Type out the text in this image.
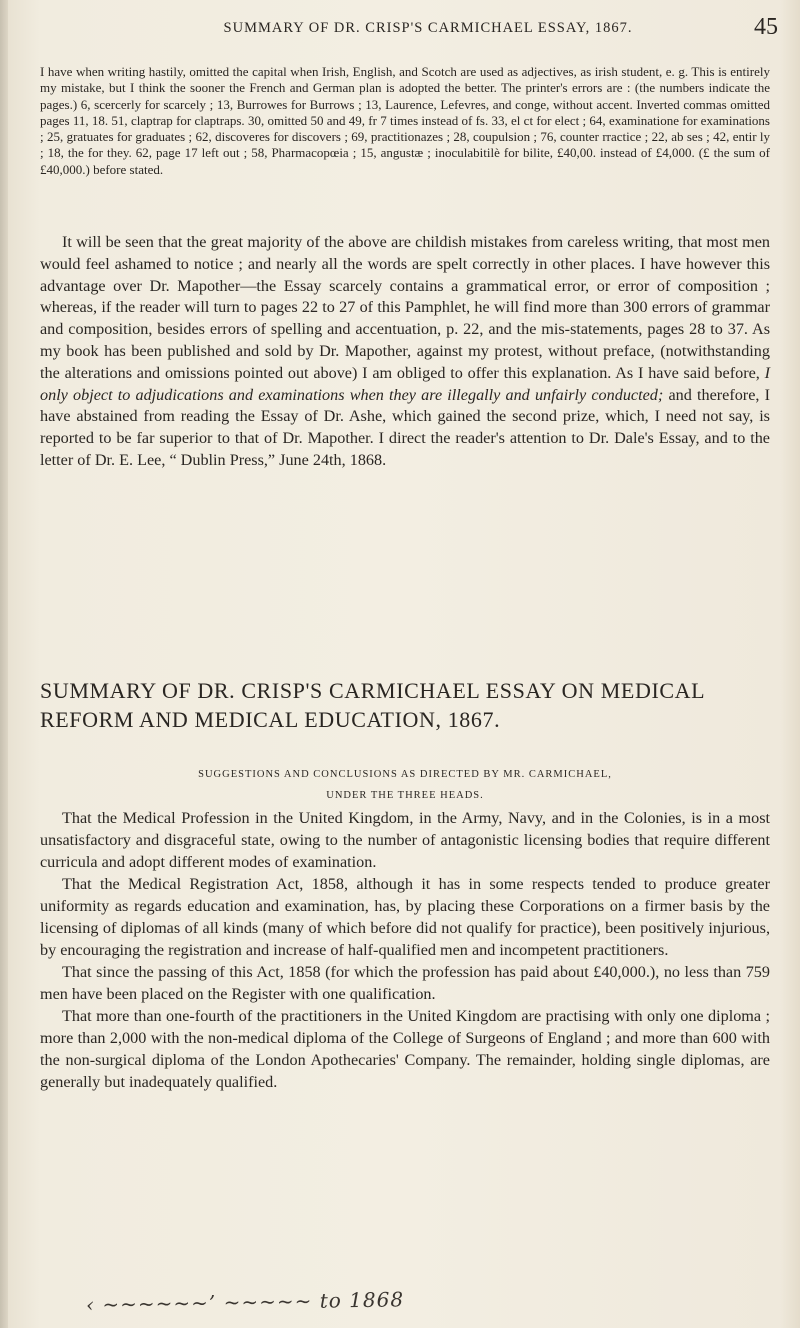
SUMMARY OF DR. CRISP'S CARMICHAEL ESSAY, 1867.	45
I have when writing hastily, omitted the capital when Irish, English, and Scotch are used as adjectives, as irish student, e. g. This is entirely my mistake, but I think the sooner the French and German plan is adopted the better. The printer's errors are : (the numbers indicate the pages.) 6, scercerly for scarcely ; 13, Burrowes for Burrows ; 13, Laurence, Lefevres, and conge, without accent. Inverted commas omitted pages 11, 18. 51, claptrap for claptraps. 30, omitted 50 and 49, fr 7 times instead of fs. 33, el ct for elect ; 64, examinatione for examinations ; 25, gratuates for graduates ; 62, discoveres for discovers ; 69, practitionazes ; 28, coupulsion ; 76, counter rractice ; 22, ab ses ; 42, entir ly ; 18, the for they. 62, page 17 left out ; 58, Pharmacopœia ; 15, angustæ ; inoculabitilè for bilite, £40,00. instead of £4,000. (£ the sum of £40,000.) before stated.
It will be seen that the great majority of the above are childish mistakes from careless writing, that most men would feel ashamed to notice ; and nearly all the words are spelt correctly in other places. I have however this advantage over Dr. Mapother—the Essay scarcely contains a grammatical error, or error of composition ; whereas, if the reader will turn to pages 22 to 27 of this Pamphlet, he will find more than 300 errors of grammar and composition, besides errors of spelling and accentuation, p. 22, and the mis-statements, pages 28 to 37. As my book has been published and sold by Dr. Mapother, against my protest, without preface, (notwithstanding the alterations and omissions pointed out above) I am obliged to offer this explanation. As I have said before, I only object to adjudications and examinations when they are illegally and unfairly conducted; and therefore, I have abstained from reading the Essay of Dr. Ashe, which gained the second prize, which, I need not say, is reported to be far superior to that of Dr. Mapother. I direct the reader's attention to Dr. Dale's Essay, and to the letter of Dr. E. Lee, “ Dublin Press,” June 24th, 1868.
SUMMARY OF DR. CRISP'S CARMICHAEL ESSAY ON MEDICAL REFORM AND MEDICAL EDUCATION, 1867.
SUGGESTIONS AND CONCLUSIONS AS DIRECTED BY MR. CARMICHAEL,
UNDER THE THREE HEADS.

That the Medical Profession in the United Kingdom, in the Army, Navy, and in the Colonies, is in a most unsatisfactory and disgraceful state, owing to the number of antagonistic licensing bodies that require different curricula and adopt different modes of examination.

That the Medical Registration Act, 1858, although it has in some respects tended to produce greater uniformity as regards education and examination, has, by placing these Corporations on a firmer basis by the licensing of diplomas of all kinds (many of which before did not qualify for practice), been positively injurious, by encouraging the registration and increase of half-qualified men and incompetent practitioners.

That since the passing of this Act, 1858 (for which the profession has paid about £40,000.), no less than 759 men have been placed on the Register with one qualification.

That more than one-fourth of the practitioners in the United Kingdom are practising with only one diploma ; more than 2,000 with the non-medical diploma of the College of Surgeons of England ; and more than 600 with the non-surgical diploma of the London Apothecaries' Company. The remainder, holding single diplomas, are generally but inadequately qualified.

‹ ~~~~~~’ ~~~~~ to 1868
